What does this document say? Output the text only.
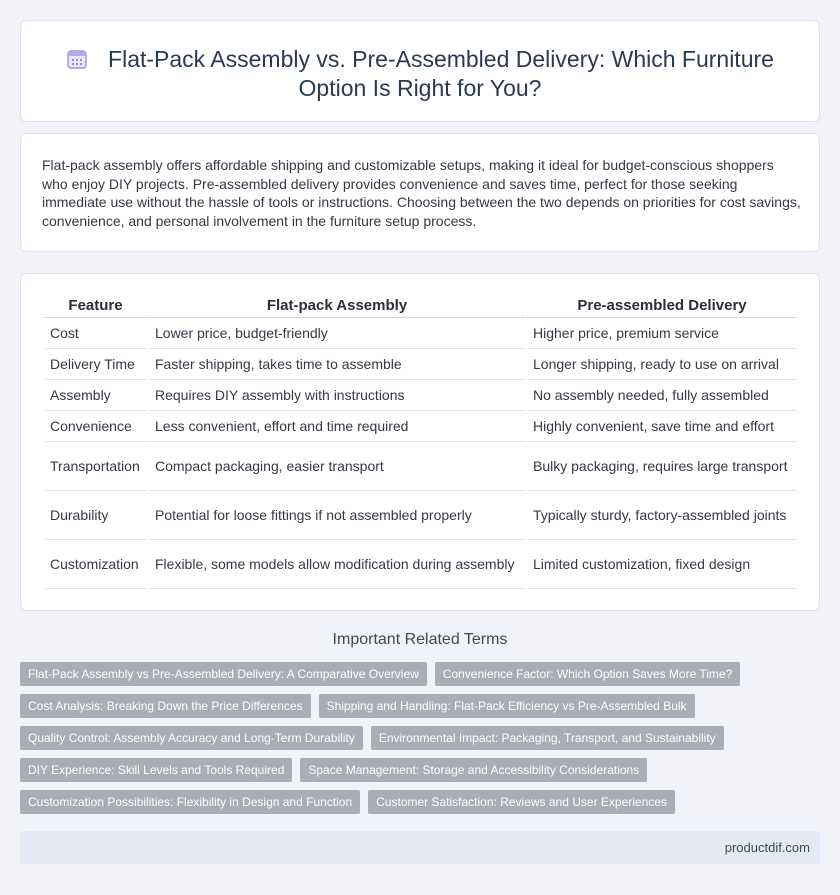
Flat-Pack Assembly vs. Pre-Assembled Delivery: Which Furniture Option Is Right for You?

Flat-pack assembly offers affordable shipping and customizable setups, making it ideal for budget-conscious shoppers who enjoy DIY projects. Pre-assembled delivery provides convenience and saves time, perfect for those seeking immediate use without the hassle of tools or instructions. Choosing between the two depends on priorities for cost savings, convenience, and personal involvement in the furniture setup process.

Feature	Flat-pack Assembly	Pre-assembled Delivery
Cost	Lower price, budget-friendly	Higher price, premium service
Delivery Time	Faster shipping, takes time to assemble	Longer shipping, ready to use on arrival
Assembly	Requires DIY assembly with instructions	No assembly needed, fully assembled
Convenience	Less convenient, effort and time required	Highly convenient, save time and effort
Transportation	Compact packaging, easier transport	Bulky packaging, requires large transport
Durability	Potential for loose fittings if not assembled properly	Typically sturdy, factory-assembled joints
Customization	Flexible, some models allow modification during assembly	Limited customization, fixed design
Important Related Terms
Flat-Pack Assembly vs Pre-Assembled Delivery: A Comparative Overview	Convenience Factor: Which Option Saves More Time?
Cost Analysis: Breaking Down the Price Differences	Shipping and Handling: Flat-Pack Efficiency vs Pre-Assembled Bulk
Quality Control: Assembly Accuracy and Long-Term Durability	Environmental Impact: Packaging, Transport, and Sustainability
DIY Experience: Skill Levels and Tools Required	Space Management: Storage and Accessibility Considerations
Customization Possibilities: Flexibility in Design and Function	Customer Satisfaction: Reviews and User Experiences
productdif.com
